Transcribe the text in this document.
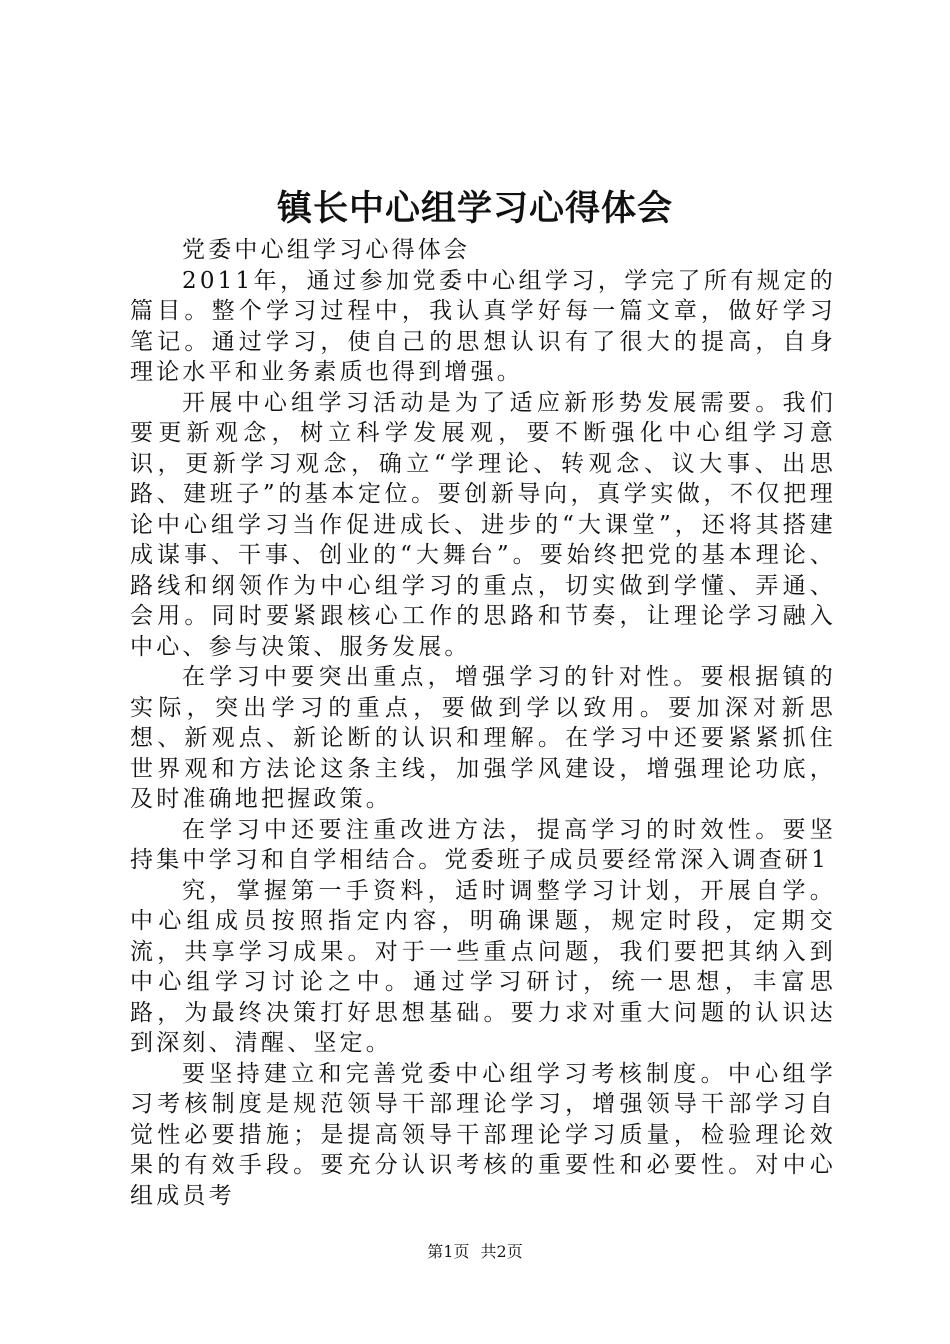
镇长中心组学习心得体会

党委中心组学习心得体会

2011年，通过参加党委中心组学习，学完了所有规定的篇目。整个学习过程中，我认真学好每一篇文章，做好学习笔记。通过学习，使自己的思想认识有了很大的提高，自身理论水平和业务素质也得到增强。

开展中心组学习活动是为了适应新形势发展需要。我们要更新观念，树立科学发展观，要不断强化中心组学习意识，更新学习观念，确立“学理论、转观念、议大事、出思路、建班子”的基本定位。要创新导向，真学实做，不仅把理论中心组学习当作促进成长、进步的“大课堂”，还将其搭建成谋事、干事、创业的“大舞台”。要始终把党的基本理论、路线和纲领作为中心组学习的重点，切实做到学懂、弄通、会用。同时要紧跟核心工作的思路和节奏，让理论学习融入中心、参与决策、服务发展。

在学习中要突出重点，增强学习的针对性。要根据镇的实际，突出学习的重点，要做到学以致用。要加深对新思想、新观点、新论断的认识和理解。在学习中还要紧紧抓住世界观和方法论这条主线，加强学风建设，增强理论功底，及时准确地把握政策。

在学习中还要注重改进方法，提高学习的时效性。要坚持集中学习和自学相结合。党委班子成员要经常深入调查研1

究，掌握第一手资料，适时调整学习计划，开展自学。中心组成员按照指定内容，明确课题，规定时段，定期交流，共享学习成果。对于一些重点问题，我们要把其纳入到中心组学习讨论之中。通过学习研讨，统一思想，丰富思路，为最终决策打好思想基础。要力求对重大问题的认识达到深刻、清醒、坚定。

要坚持建立和完善党委中心组学习考核制度。中心组学习考核制度是规范领导干部理论学习，增强领导干部学习自觉性必要措施；是提高领导干部理论学习质量，检验理论效果的有效手段。要充分认识考核的重要性和必要性。对中心组成员考

第1页 共2页
